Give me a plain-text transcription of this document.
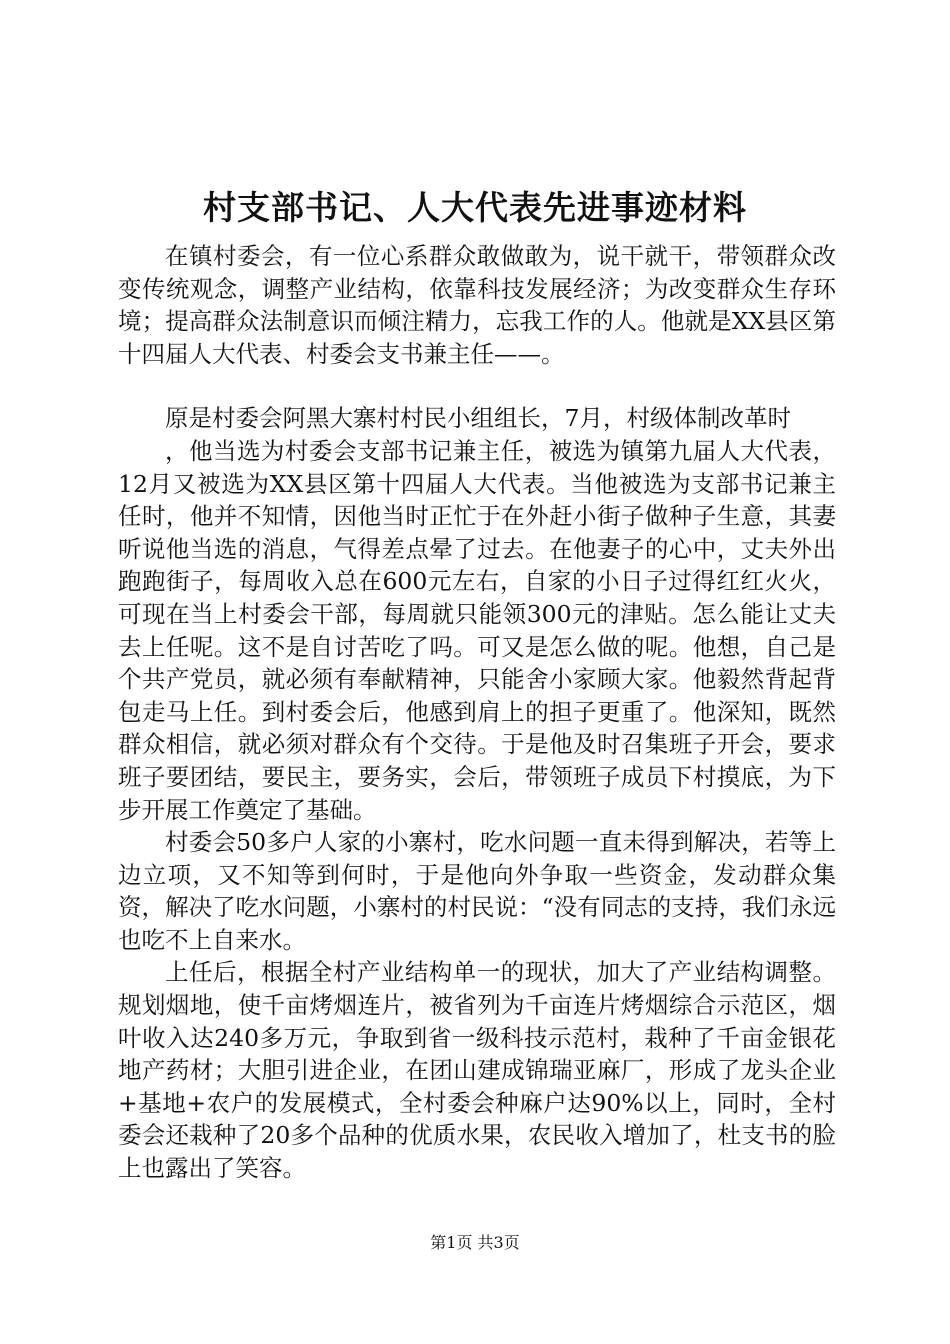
村支部书记、人大代表先进事迹材料

在镇村委会，有一位心系群众敢做敢为，说干就干，带领群众改变传统观念，调整产业结构，依靠科技发展经济；为改变群众生存环境；提高群众法制意识而倾注精力，忘我工作的人。他就是XX县区第十四届人大代表、村委会支书兼主任——。

原是村委会阿黑大寨村村民小组组长，7月，村级体制改革时

，他当选为村委会支部书记兼主任，被选为镇第九届人大代表，12月又被选为XX县区第十四届人大代表。当他被选为支部书记兼主任时，他并不知情，因他当时正忙于在外赶小街子做种子生意，其妻听说他当选的消息，气得差点晕了过去。在他妻子的心中，丈夫外出跑跑街子，每周收入总在600元左右，自家的小日子过得红红火火，可现在当上村委会干部，每周就只能领300元的津贴。怎么能让丈夫去上任呢。这不是自讨苦吃了吗。可又是怎么做的呢。他想，自己是个共产党员，就必须有奉献精神，只能舍小家顾大家。他毅然背起背包走马上任。到村委会后，他感到肩上的担子更重了。他深知，既然群众相信，就必须对群众有个交待。于是他及时召集班子开会，要求班子要团结，要民主，要务实，会后，带领班子成员下村摸底，为下步开展工作奠定了基础。

村委会50多户人家的小寨村，吃水问题一直未得到解决，若等上边立项，又不知等到何时，于是他向外争取一些资金，发动群众集资，解决了吃水问题，小寨村的村民说：“没有同志的支持，我们永远也吃不上自来水。

上任后，根据全村产业结构单一的现状，加大了产业结构调整。规划烟地，使千亩烤烟连片，被省列为千亩连片烤烟综合示范区，烟叶收入达240多万元，争取到省一级科技示范村，栽种了千亩金银花地产药材；大胆引进企业，在团山建成锦瑞亚麻厂，形成了龙头企业+基地+农户的发展模式，全村委会种麻户达90%以上，同时，全村委会还栽种了20多个品种的优质水果，农民收入增加了，杜支书的脸上也露出了笑容。

第1页 共3页
